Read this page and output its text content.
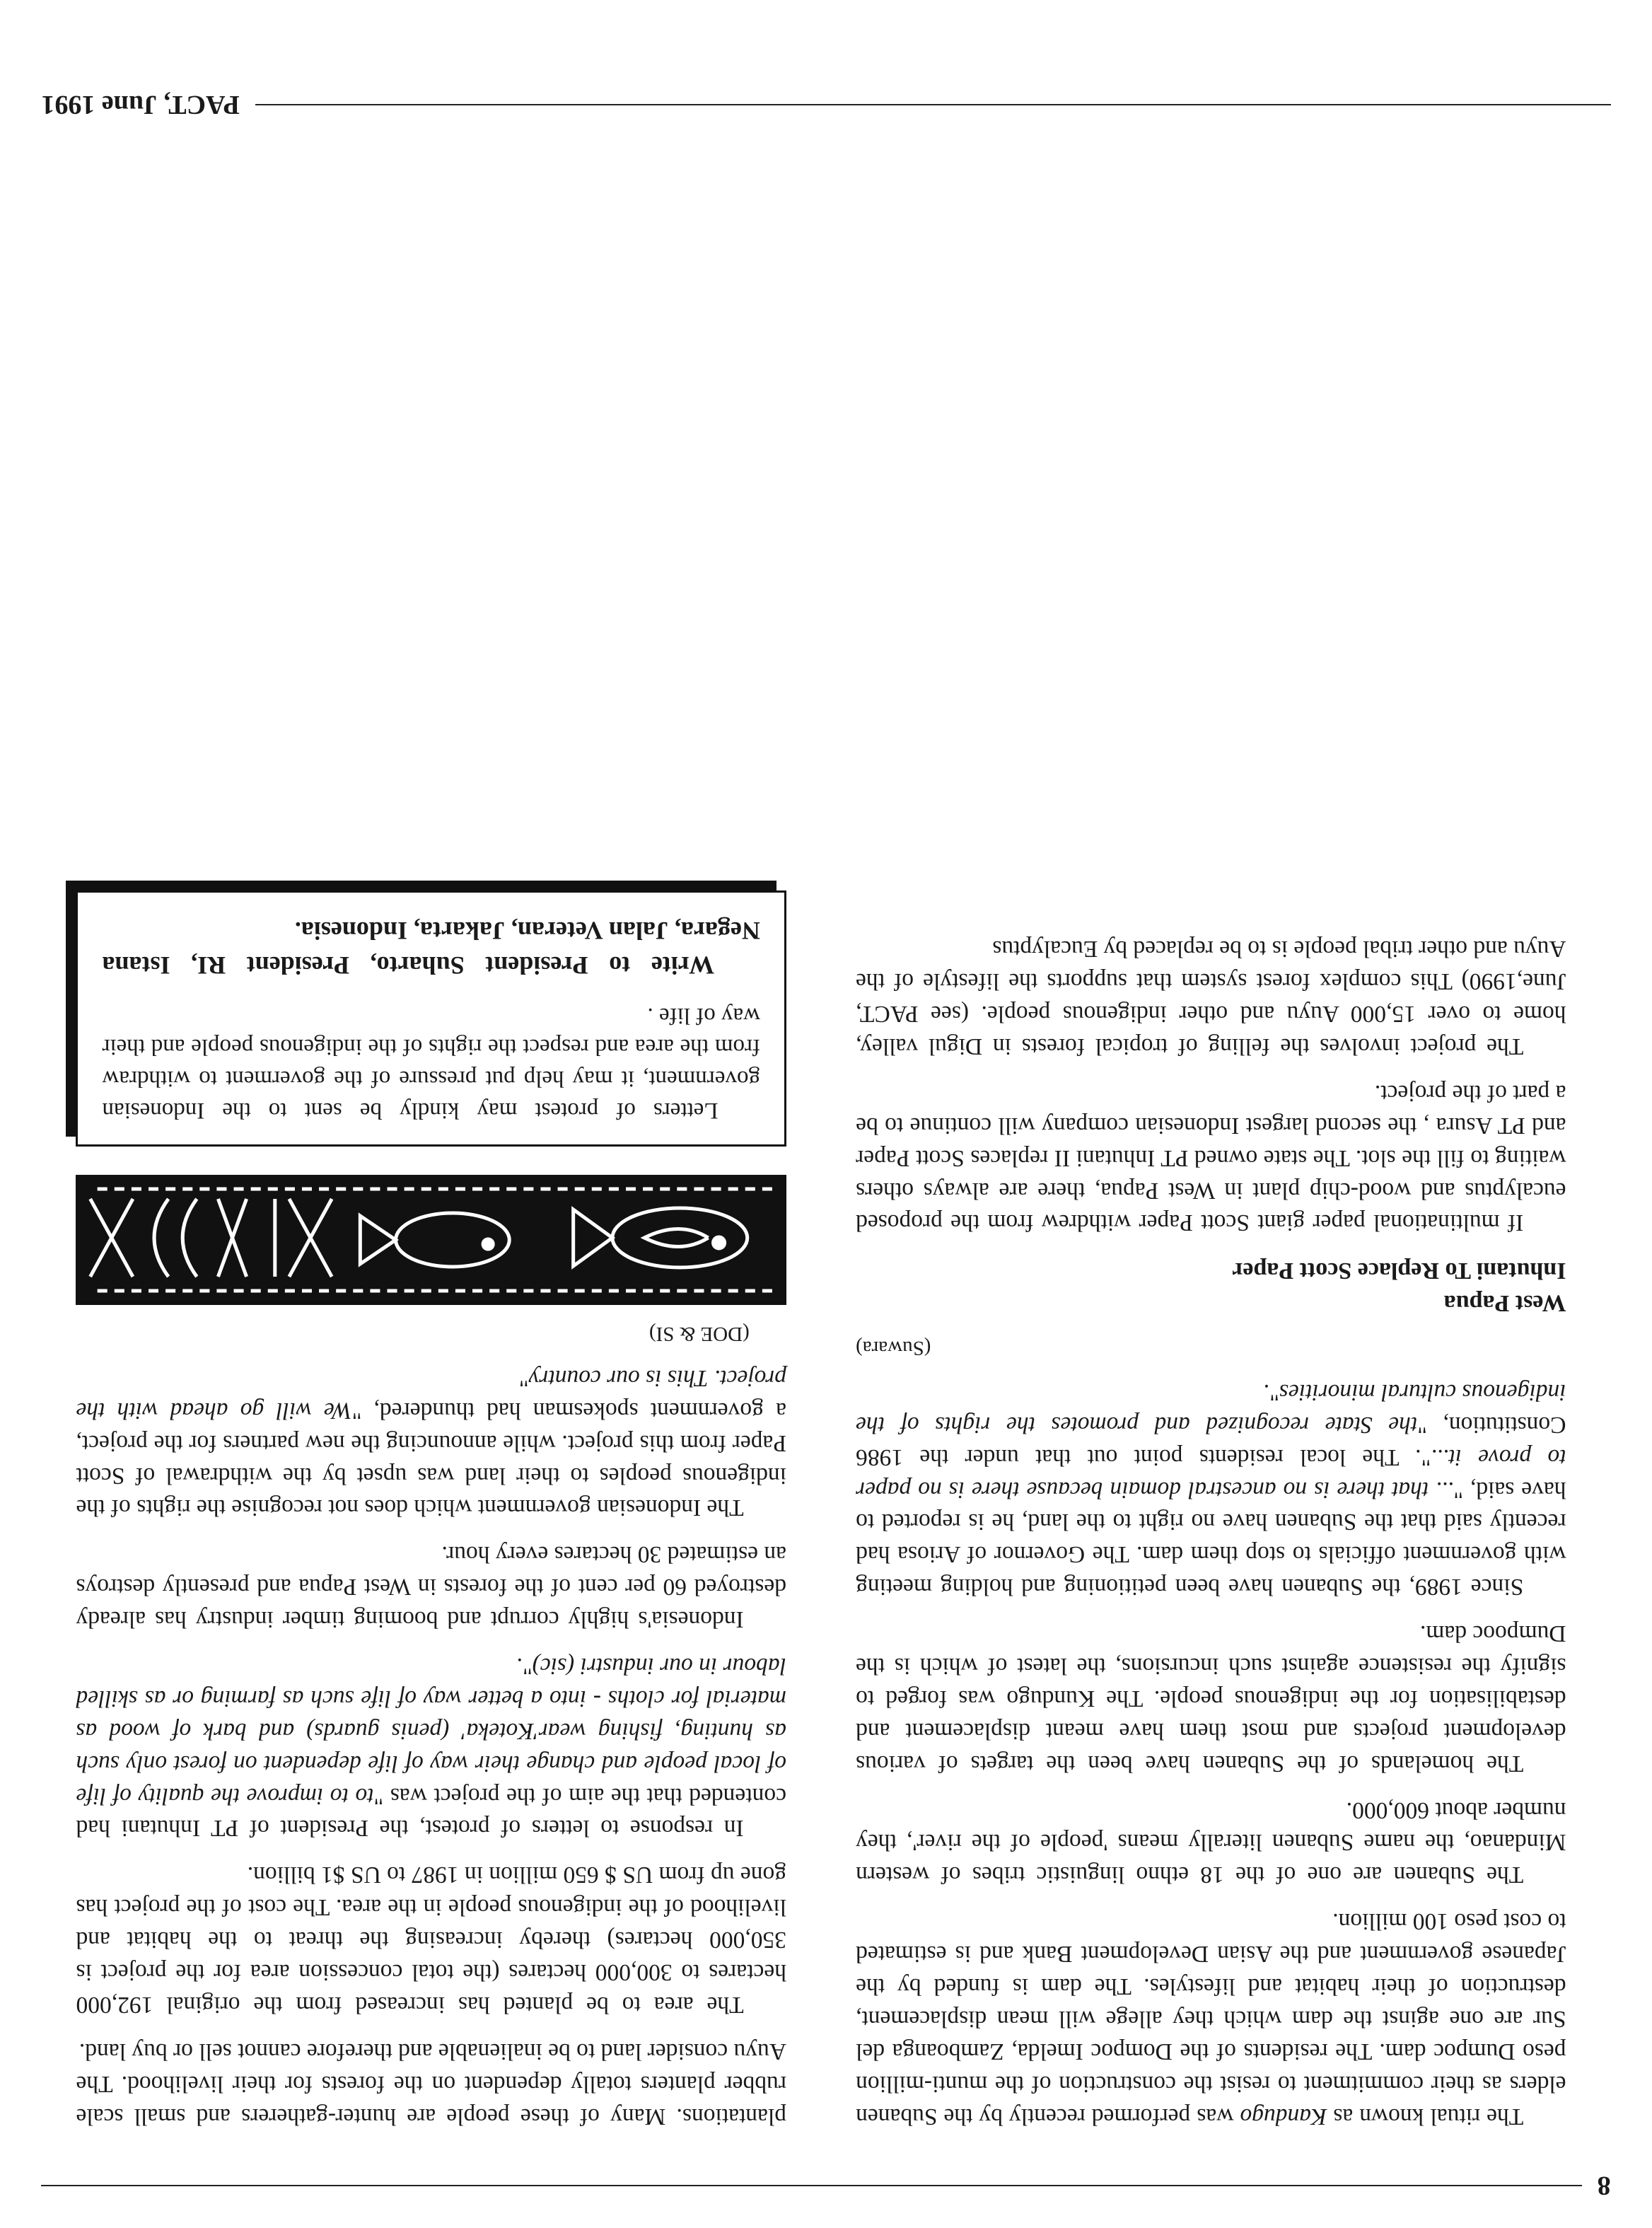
8

The ritual known as Kandugo was performed recently by the Subanen elders as their commitment to resist the construction of the munti-million peso Dumpoc dam. The residents of the Dompoc Imelda, Zamboanga del Sur are one aginst the dam which they allege will mean displacement, destruction of their habitat and lifestyles. The dam is funded by the Japanese government and the Asian Development Bank and is estimated to cost peso 100 million.

The Subanen are one of the 18 ethno linguistic tribes of western Mindanao, the name Subanen literally means 'people of the river', they number about 600,000.

The homelands of the Subanen have been the targets of various development projects and most them have meant displacement and destabilisation for the indigenous people. The Kundugo was forged to signify the resistence against such incursions, the latest of which is the Dumpooc dam.

Since 1989, the Subanen have been petitioning and holding meeting with government officials to stop them dam. The Governor of Ariosa had recently said that the Subanen have no right to the land, he is reported to have said, "... that there is no ancestral domain because there is no paper to prove it...". The local residents point out that under the 1986 Constitution, "the State recognized and promotes the rights of the indigenous cultural minorities".

(Suwara)

West Papua
Inhutani To Replace Scott Paper

If multinational paper giant Scott Paper withdrew from the proposed eucalyptus and wood-chip plant in West Papua, there are always others waiting to fill the slot. The state owned PT Inhutani II replaces Scott Paper and PT Asura , the second largest Indonesian company will continue to be a part of the project.

The project involves the felling of tropical forests in Digul valley, home to over 15,000 Auyu and other indigenous people. (see PACT, June,1990) This complex forest system that supports the lifestyle of the Auyu and other tribal people is to be replaced by Eucalyptus

plantations. Many of these people are hunter-gatherers and small scale rubber planters totally dependent on the forests for their livelihood. The Auyu consider land to be inalienable and therefore cannot sell or buy land.

The area to be planted has increased from the original 192,000 hectares to 300,000 hectares (the total concession area for the project is 350,000 hectares) thereby increasing the threat to the habitat and livelihood of the indigenous people in the area. The cost of the project has gone up from US $ 650 million in 1987 to US $1 billion.

In response to letters of protest, the President of PT Inhutani had contended that the aim of the project was "to to improve the quality of life of local people and change their way of life dependent on forest only such as hunting, fishing wear'Koteka' (penis guards) and bark of wood as material for cloths - into a better way of life such as farming or as skilled labour in our industri (sic)".

Indonesia's highly corrupt and booming timber industry has already destroyed 60 per cent of the forests in West Papua and presently destroys an estimated 30 hectares every hour.

The Indonesian government which does not recognise the rights of the indigenous peoples to their land was upset by the withdrawal of Scott Paper from this project. while announcing the new partners for the project, a government spokesman had thundered, "We will go ahead with the project. This is our country"

(DOE & SI)

Letters of protest may kindly be sent to the Indonesian government, it may help put pressure of the goverment to withdraw from the area and respect the rights of the indigenous people and their way of life .

Write to President Suharto, President RI, Istana Negara, Jalan Veteran, Jakarta, Indonesia.

PACT, June 1991
